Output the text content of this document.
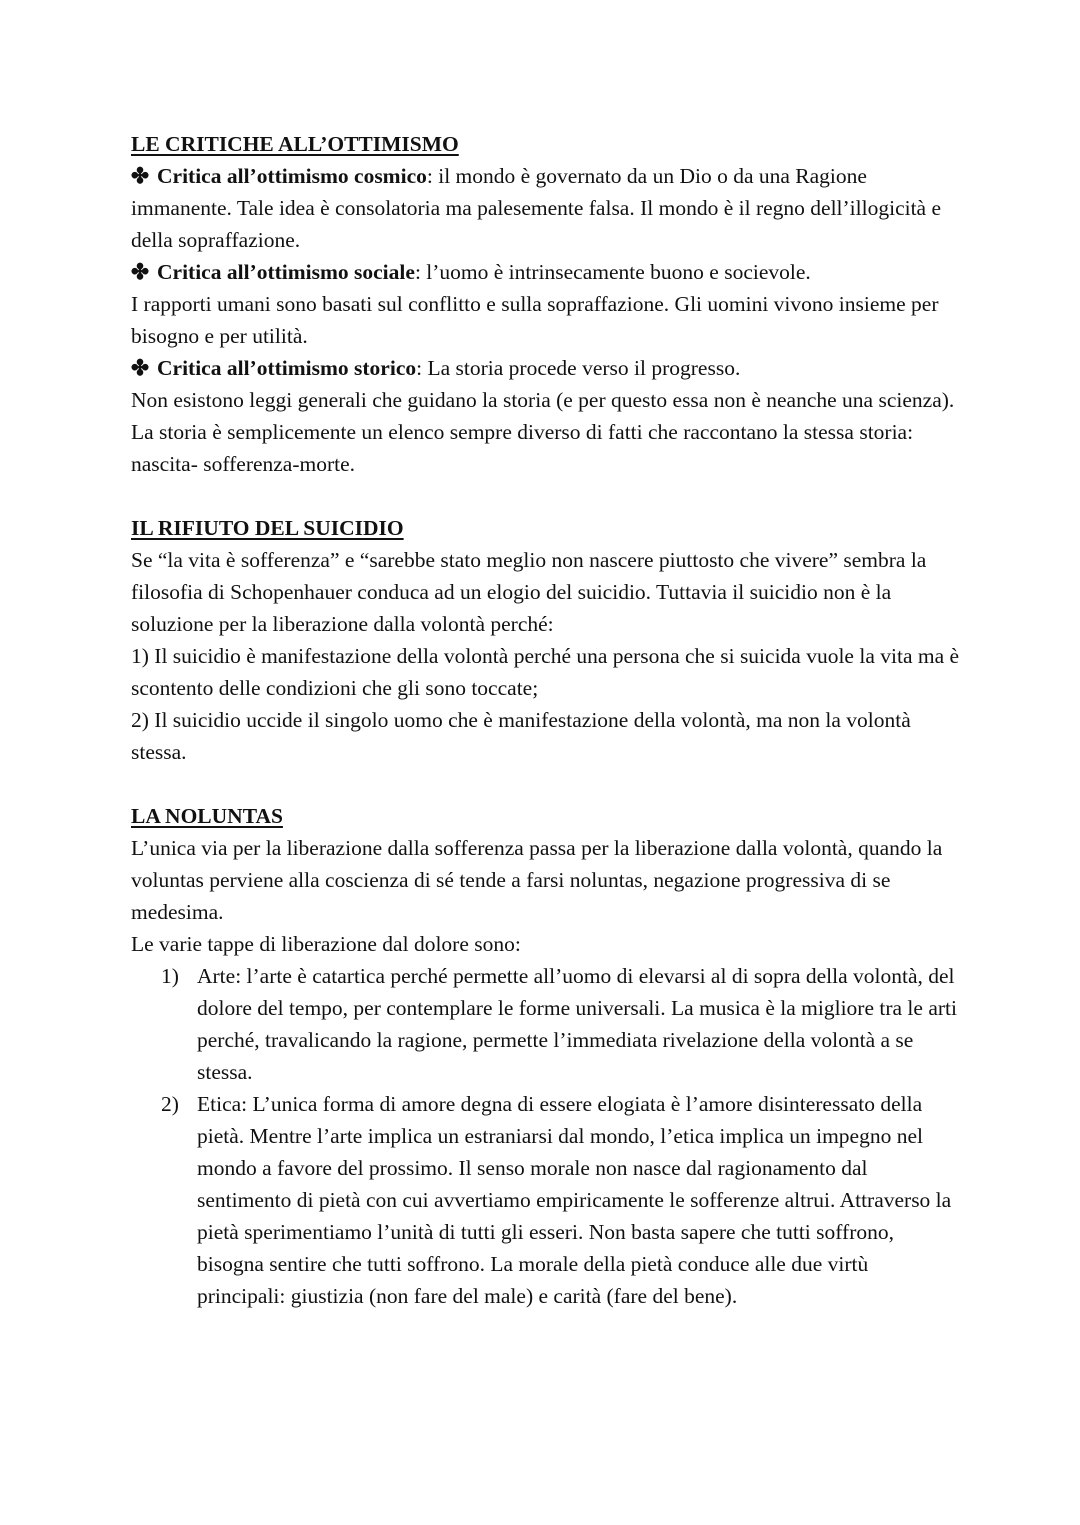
LE CRITICHE ALL’OTTIMISMO

✤ Critica all’ottimismo cosmico: il mondo è governato da un Dio o da una Ragione immanente. Tale idea è consolatoria ma palesemente falsa. Il mondo è il regno dell’illogicità e della sopraffazione.

✤ Critica all’ottimismo sociale: l’uomo è intrinsecamente buono e socievole.

I rapporti umani sono basati sul conflitto e sulla sopraffazione. Gli uomini vivono insieme per bisogno e per utilità.

✤ Critica all’ottimismo storico: La storia procede verso il progresso.

Non esistono leggi generali che guidano la storia (e per questo essa non è neanche una scienza). La storia è semplicemente un elenco sempre diverso di fatti che raccontano la stessa storia: nascita- sofferenza-morte.

IL RIFIUTO DEL SUICIDIO

Se “la vita è sofferenza” e “sarebbe stato meglio non nascere piuttosto che vivere” sembra la filosofia di Schopenhauer conduca ad un elogio del suicidio. Tuttavia il suicidio non è la soluzione per la liberazione dalla volontà perché:

1) Il suicidio è manifestazione della volontà perché una persona che si suicida vuole la vita ma è scontento delle condizioni che gli sono toccate;

2) Il suicidio uccide il singolo uomo che è manifestazione della volontà, ma non la volontà stessa.

LA NOLUNTAS

L’unica via per la liberazione dalla sofferenza passa per la liberazione dalla volontà, quando la voluntas perviene alla coscienza di sé tende a farsi noluntas, negazione progressiva di se medesima.

Le varie tappe di liberazione dal dolore sono:

1) Arte: l’arte è catartica perché permette all’uomo di elevarsi al di sopra della volontà, del dolore del tempo, per contemplare le forme universali. La musica è la migliore tra le arti perché, travalicando la ragione, permette l’immediata rivelazione della volontà a se stessa.
2) Etica: L’unica forma di amore degna di essere elogiata è l’amore disinteressato della pietà. Mentre l’arte implica un estraniarsi dal mondo, l’etica implica un impegno nel mondo a favore del prossimo. Il senso morale non nasce dal ragionamento dal sentimento di pietà con cui avvertiamo empiricamente le sofferenze altrui. Attraverso la pietà sperimentiamo l’unità di tutti gli esseri. Non basta sapere che tutti soffrono, bisogna sentire che tutti soffrono. La morale della pietà conduce alle due virtù principali: giustizia (non fare del male) e carità (fare del bene).
